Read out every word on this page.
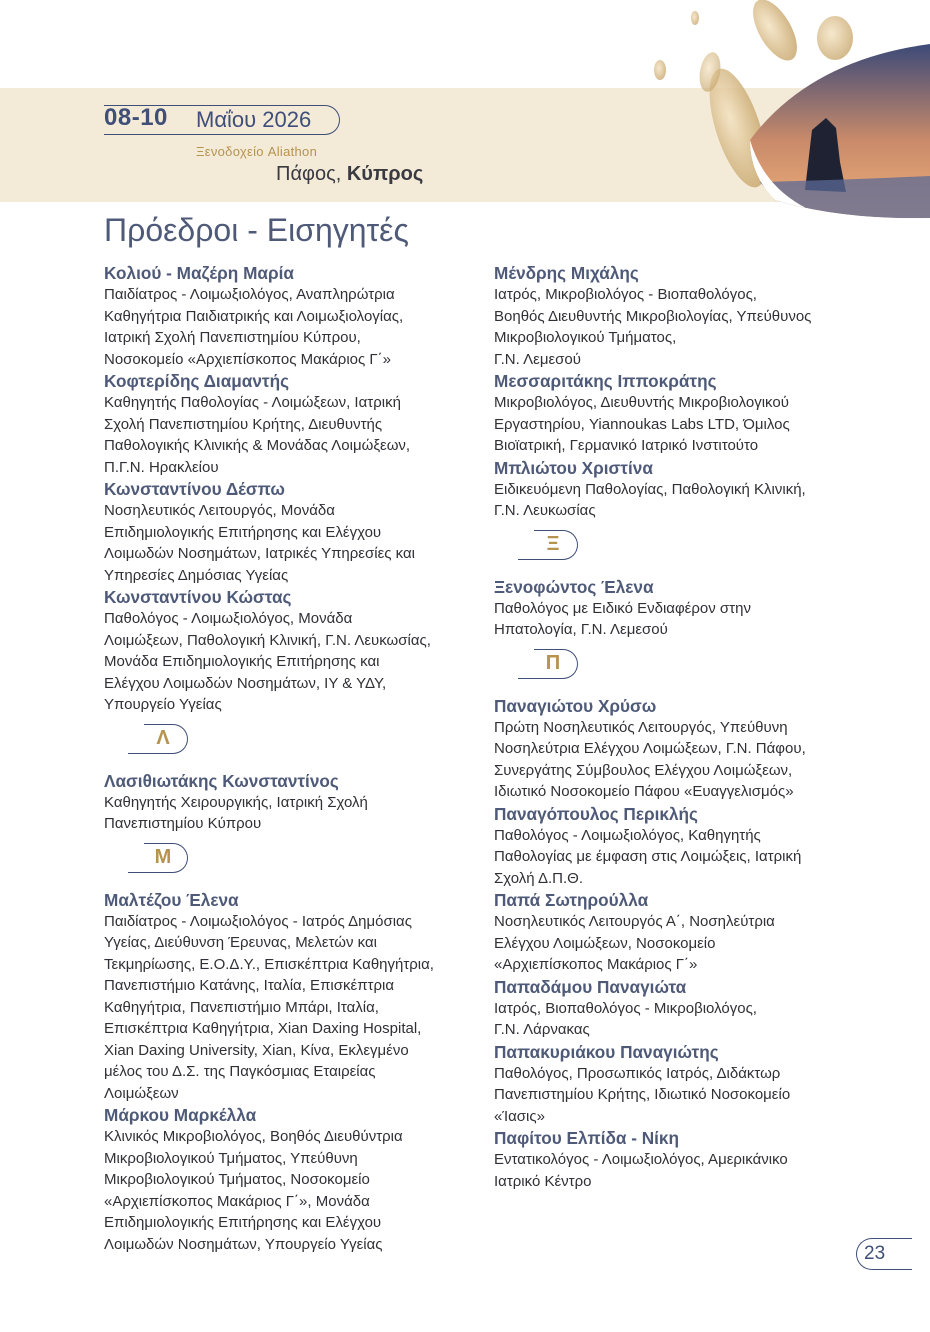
08-10 Μαΐου 2026
Ξενοδοχείο Aliathon
Πάφος, Κύπρος
Πρόεδροι - Εισηγητές
Κολιού - Μαζέρη Μαρία
Παιδίατρος - Λοιμωξιολόγος, Αναπληρώτρια
Καθηγήτρια Παιδιατρικής και Λοιμωξιολογίας,
Ιατρική Σχολή Πανεπιστημίου Κύπρου,
Νοσοκομείο «Αρχιεπίσκοπος Μακάριος Γ΄»
Κοφτερίδης Διαμαντής
Καθηγητής Παθολογίας - Λοιμώξεων, Ιατρική
Σχολή Πανεπιστημίου Κρήτης, Διευθυντής
Παθολογικής Κλινικής & Μονάδας Λοιμώξεων,
Π.Γ.Ν. Ηρακλείου
Κωνσταντίνου Δέσπω
Νοσηλευτικός Λειτουργός, Μονάδα
Επιδημιολογικής Επιτήρησης και Ελέγχου
Λοιμωδών Νοσημάτων, Ιατρικές Υπηρεσίες και
Υπηρεσίες Δημόσιας Υγείας
Κωνσταντίνου Κώστας
Παθολόγος - Λοιμωξιολόγος, Μονάδα
Λοιμώξεων, Παθολογική Κλινική, Γ.Ν. Λευκωσίας,
Μονάδα Επιδημιολογικής Επιτήρησης και
Ελέγχου Λοιμωδών Νοσημάτων, ΙΥ & ΥΔΥ,
Υπουργείο Υγείας
Λ
Λασιθιωτάκης Κωνσταντίνος
Καθηγητής Χειρουργικής, Ιατρική Σχολή
Πανεπιστημίου Κύπρου
Μ
Μαλτέζου Έλενα
Παιδίατρος - Λοιμωξιολόγος - Ιατρός Δημόσιας
Υγείας, Διεύθυνση Έρευνας, Μελετών και
Τεκμηρίωσης, Ε.Ο.Δ.Υ., Επισκέπτρια Καθηγήτρια,
Πανεπιστήμιο Κατάνης, Ιταλία, Επισκέπτρια
Καθηγήτρια, Πανεπιστήμιο Μπάρι, Ιταλία,
Επισκέπτρια Καθηγήτρια, Xian Daxing Hospital,
Xian Daxing University, Xian, Κίνα, Εκλεγμένο
μέλος του Δ.Σ. της Παγκόσμιας Εταιρείας
Λοιμώξεων
Μάρκου Μαρκέλλα
Κλινικός Μικροβιολόγος, Βοηθός Διευθύντρια
Μικροβιολογικού Τμήματος, Υπεύθυνη
Μικροβιολογικού Τμήματος, Νοσοκομείο
«Αρχιεπίσκοπος Μακάριος Γ΄», Μονάδα
Επιδημιολογικής Επιτήρησης και Ελέγχου
Λοιμωδών Νοσημάτων, Υπουργείο Υγείας
Μένδρης Μιχάλης
Ιατρός, Μικροβιολόγος - Βιοπαθολόγος,
Βοηθός Διευθυντής Μικροβιολογίας, Υπεύθυνος
Μικροβιολογικού Τμήματος,
Γ.Ν. Λεμεσού
Μεσσαριτάκης Ιπποκράτης
Μικροβιολόγος, Διευθυντής Μικροβιολογικού
Εργαστηρίου, Yiannoukas Labs LTD, Όμιλος
Βιοϊατρική, Γερμανικό Ιατρικό Ινστιτούτο
Μπλιώτου Χριστίνα
Ειδικευόμενη Παθολογίας, Παθολογική Κλινική,
Γ.Ν. Λευκωσίας
Ξ
Ξενοφώντος Έλενα
Παθολόγος με Ειδικό Ενδιαφέρον στην
Ηπατολογία, Γ.Ν. Λεμεσού
Π
Παναγιώτου Χρύσω
Πρώτη Νοσηλευτικός Λειτουργός, Υπεύθυνη
Νοσηλεύτρια Ελέγχου Λοιμώξεων, Γ.Ν. Πάφου,
Συνεργάτης Σύμβουλος Ελέγχου Λοιμώξεων,
Ιδιωτικό Νοσοκομείο Πάφου «Ευαγγελισμός»
Παναγόπουλος Περικλής
Παθολόγος - Λοιμωξιολόγος, Καθηγητής
Παθολογίας με έμφαση στις Λοιμώξεις, Ιατρική
Σχολή Δ.Π.Θ.
Παπά Σωτηρούλλα
Νοσηλευτικός Λειτουργός Α΄, Νοσηλεύτρια
Ελέγχου Λοιμώξεων, Νοσοκομείο
«Αρχιεπίσκοπος Μακάριος Γ΄»
Παπαδάμου Παναγιώτα
Ιατρός, Βιοπαθολόγος - Μικροβιολόγος,
Γ.Ν. Λάρνακας
Παπακυριάκου Παναγιώτης
Παθολόγος, Προσωπικός Ιατρός, Διδάκτωρ
Πανεπιστημίου Κρήτης, Ιδιωτικό Νοσοκομείο
«Ίασις»
Παφίτου Ελπίδα - Νίκη
Εντατικολόγος - Λοιμωξιολόγος, Αμερικάνικο
Ιατρικό Κέντρο
23
